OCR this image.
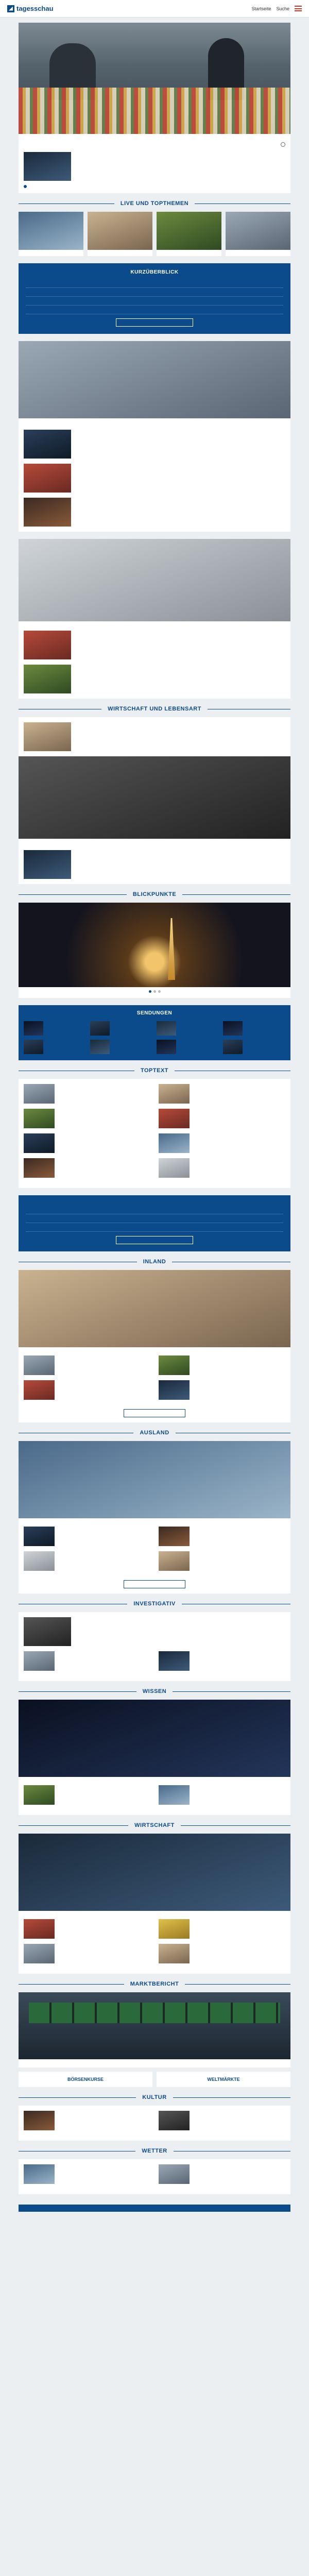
tagesschau	Startseite Suche
LIVE UND TOPTHEMEN
KURZÜBERBLICK

WIRTSCHAFT UND LEBENSART
BLICKPUNKTE
SENDUNGEN
TOPTEXT

INLAND
AUSLAND
INVESTIGATIV
WISSEN
WIRTSCHAFT
MARKTBERICHT
BÖRSENKURSE	WELTMÄRKTE
KULTUR
WETTER
